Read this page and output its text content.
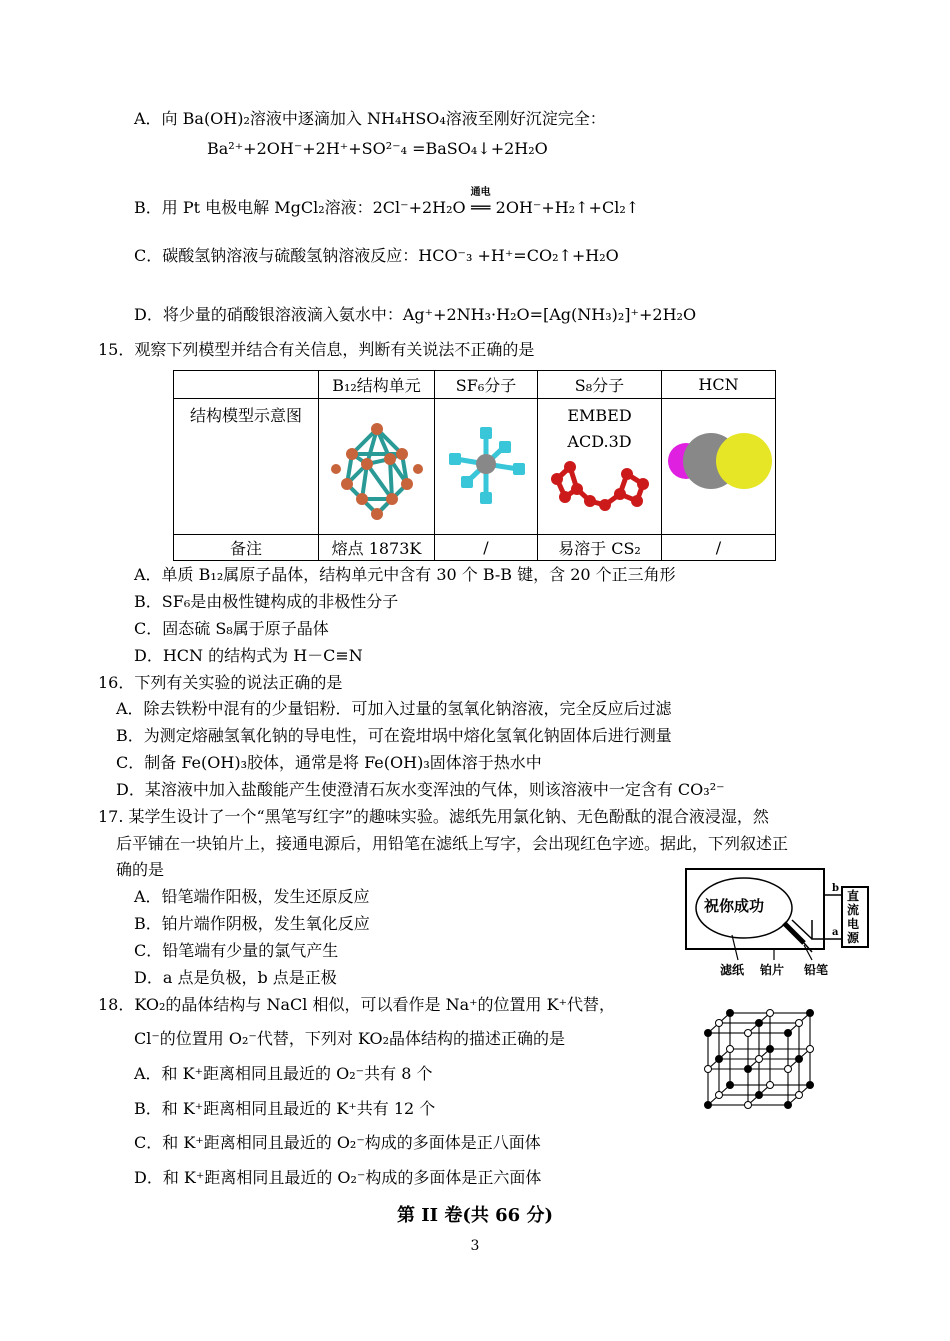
A．向 Ba(OH)₂溶液中逐滴加入 NH₄HSO₄溶液至刚好沉淀完全：
Ba²⁺+2OH⁻+2H⁺+SO²⁻₄ =BaSO₄↓+2H₂O
B．用 Pt 电极电解 MgCl₂溶液：2Cl⁻+2H₂O
通电
══ 2OH⁻+H₂↑+Cl₂↑
C．碳酸氢钠溶液与硫酸氢钠溶液反应：HCO⁻₃ +H⁺=CO₂↑+H₂O
D．将少量的硝酸银溶液滴入氨水中：Ag⁺+2NH₃·H₂O=[Ag(NH₃)₂]⁺+2H₂O
15．观察下列模型并结合有关信息，判断有关说法不正确的是
	B₁₂结构单元	SF₆分子	S₈分子	HCN

结构模型示意图			EMBED ACD.3D

备注	熔点 1873K	/	易溶于 CS₂	/
A．单质 B₁₂属原子晶体，结构单元中含有 30 个 B-B 键，含 20 个正三角形
B．SF₆是由极性键构成的非极性分子
C．固态硫 S₈属于原子晶体
D．HCN 的结构式为 H－C≡N
16．下列有关实验的说法正确的是
A．除去铁粉中混有的少量铝粉．可加入过量的氢氧化钠溶液，完全反应后过滤
B．为测定熔融氢氧化钠的导电性，可在瓷坩埚中熔化氢氧化钠固体后进行测量
C．制备 Fe(OH)₃胶体，通常是将 Fe(OH)₃固体溶于热水中
D．某溶液中加入盐酸能产生使澄清石灰水变浑浊的气体，则该溶液中一定含有 CO₃²⁻
17. 某学生设计了一个“黑笔写红字”的趣味实验。滤纸先用氯化钠、无色酚酞的混合液浸湿，然
后平铺在一块铂片上，接通电源后，用铅笔在滤纸上写字，会出现红色字迹。据此，下列叙述正
确的是
A．铅笔端作阳极，发生还原反应
B．铂片端作阴极，发生氧化反应
C．铅笔端有少量的氯气产生
D．a 点是负极，b 点是正极
祝你成功
b
a
直流电源
滤纸 铂片 铅笔
18．KO₂的晶体结构与 NaCl 相似，可以看作是 Na⁺的位置用 K⁺代替，
Cl⁻的位置用 O₂⁻代替，下列对 KO₂晶体结构的描述正确的是
A．和 K⁺距离相同且最近的 O₂⁻共有 8 个
B．和 K⁺距离相同且最近的 K⁺共有 12 个
C．和 K⁺距离相同且最近的 O₂⁻构成的多面体是正八面体
D．和 K⁺距离相同且最近的 O₂⁻构成的多面体是正六面体
第 II 卷(共 66 分)
3
